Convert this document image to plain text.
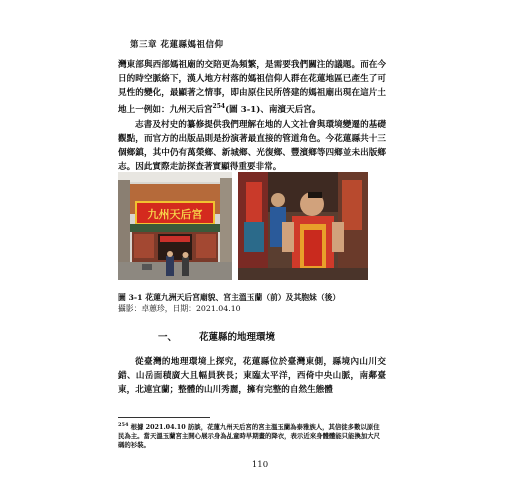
第三章 花蓮縣媽祖信仰

灣東部與西部媽祖廟的交陪更為頻繁，是需要我們關注的議題。而在今日的時空脈絡下，漢人地方村落的媽祖信仰人群在花蓮地區已產生了可見性的變化，最顯著之情事，即由原住民所啓建的媽祖廟出現在這片土地上一例如：九州天后宮$^{254}$(圖 3-1)、南濱天后宮。

志書及村史的纂修提供我們理解在地的人文社會與環境變遷的基礎觀點，而官方的出版品則是扮演著最直接的管道角色。今花蓮縣共十三個鄉鎮，其中仍有萬榮鄉、新城鄉、光復鄉、豐濱鄉等四鄉並未出版鄉志。因此實際走訪探查著實顯得重要非常。

九州天后宮
圖 3-1 花蓮九洲天后宮廟貌、宮主溫玉蘭（前）及其胞妹（後）
攝影：卓蕙珍，日期：2021.04.10
一、 花蓮縣的地理環境

從臺灣的地理環境上探究，花蓮縣位於臺灣東側，縣境內山川交錯、山岳面積廣大且幅員狹長；東臨太平洋，西倚中央山脈，南鄰臺東，北連宜蘭；整體的山川秀麗，擁有完整的自然生態體

$^{254}$ 根據 2021.04.10 訪談，花蓮九州天后宮的宮主溫玉蘭為泰雅族人，其信徒多數以原住民為主。當天溫玉蘭宮主開心展示身為乩童時早期畫的降衣，表示近來身體體能只能換加大尺碼的衫裝。
110
